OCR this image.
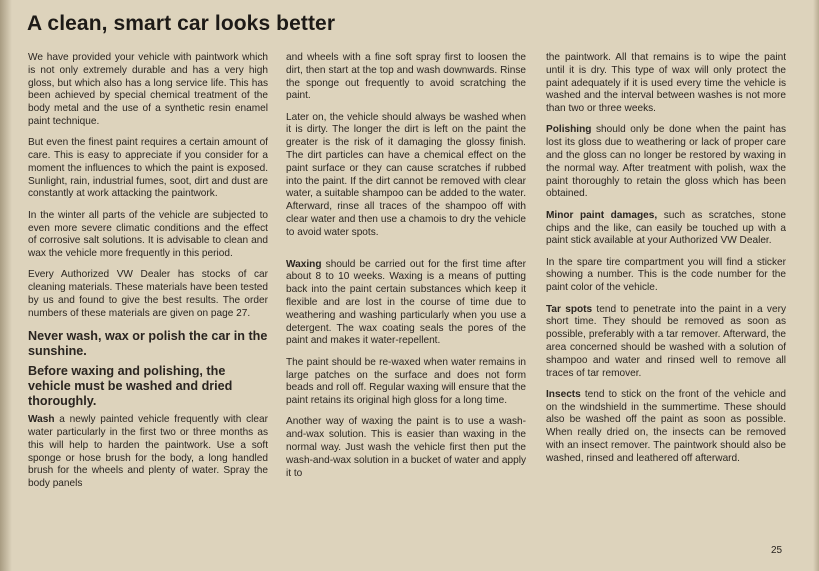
A clean, smart car looks better

We have provided your vehicle with paintwork which is not only extremely durable and has a very high gloss, but which also has a long service life. This has been achieved by special chemical treatment of the body metal and the use of a synthetic resin enamel paint technique.

But even the finest paint requires a certain amount of care. This is easy to appreciate if you consider for a moment the influences to which the paint is exposed. Sunlight, rain, industrial fumes, soot, dirt and dust are constantly at work attacking the paintwork.

In the winter all parts of the vehicle are subjected to even more severe climatic conditions and the effect of corrosive salt solutions. It is advisable to clean and wax the vehicle more frequently in this period.

Every Authorized VW Dealer has stocks of car cleaning materials. These materials have been tested by us and found to give the best results. The order numbers of these materials are given on page 27.

Never wash, wax or polish the car in the sunshine.

Before waxing and polishing, the vehicle must be washed and dried thoroughly.

Wash a newly painted vehicle frequently with clear water particularly in the first two or three months as this will help to harden the paintwork. Use a soft sponge or hose brush for the body, a long handled brush for the wheels and plenty of water. Spray the body panels

and wheels with a fine soft spray first to loosen the dirt, then start at the top and wash downwards. Rinse the sponge out frequently to avoid scratching the paint.

Later on, the vehicle should always be washed when it is dirty. The longer the dirt is left on the paint the greater is the risk of it damaging the glossy finish. The dirt particles can have a chemical effect on the paint surface or they can cause scratches if rubbed into the paint. If the dirt cannot be removed with clear water, a suitable shampoo can be added to the water. Afterward, rinse all traces of the shampoo off with clear water and then use a chamois to dry the vehicle to avoid water spots.

Waxing should be carried out for the first time after about 8 to 10 weeks. Waxing is a means of putting back into the paint certain substances which keep it flexible and are lost in the course of time due to weathering and washing particularly when you use a detergent. The wax coating seals the pores of the paint and makes it water-repellent.

The paint should be re-waxed when water remains in large patches on the surface and does not form beads and roll off. Regular waxing will ensure that the paint retains its original high gloss for a long time.

Another way of waxing the paint is to use a wash-and-wax solution. This is easier than waxing in the normal way. Just wash the vehicle first then put the wash-and-wax solution in a bucket of water and apply it to

the paintwork. All that remains is to wipe the paint until it is dry. This type of wax will only protect the paint adequately if it is used every time the vehicle is washed and the interval between washes is not more than two or three weeks.

Polishing should only be done when the paint has lost its gloss due to weathering or lack of proper care and the gloss can no longer be restored by waxing in the normal way. After treatment with polish, wax the paint thoroughly to retain the gloss which has been obtained.

Minor paint damages, such as scratches, stone chips and the like, can easily be touched up with a paint stick available at your Authorized VW Dealer.

In the spare tire compartment you will find a sticker showing a number. This is the code number for the paint color of the vehicle.

Tar spots tend to penetrate into the paint in a very short time. They should be removed as soon as possible, preferably with a tar remover. Afterward, the area concerned should be washed with a solution of shampoo and water and rinsed well to remove all traces of tar remover.

Insects tend to stick on the front of the vehicle and on the windshield in the summertime. These should also be washed off the paint as soon as possible. When really dried on, the insects can be removed with an insect remover. The paintwork should also be washed, rinsed and leathered off afterward.

25
